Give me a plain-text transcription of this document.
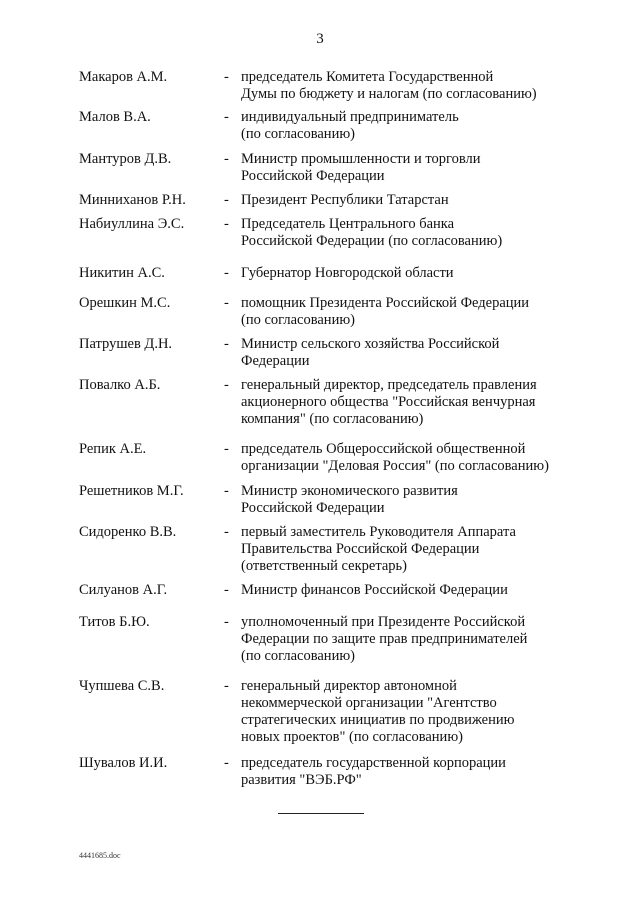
3
Макаров А.М.	- председатель Комитета Государственной
Думы по бюджету и налогам (по согласованию)
Малов В.А.	- индивидуальный предприниматель
(по согласованию)
Мантуров Д.В.	- Министр промышленности и торговли
Российской Федерации
Минниханов Р.Н.	- Президент Республики Татарстан
Набиуллина Э.С.	- Председатель Центрального банка
Российской Федерации (по согласованию)
Никитин А.С.	- Губернатор Новгородской области
Орешкин М.С.	- помощник Президента Российской Федерации
(по согласованию)
Патрушев Д.Н.	- Министр сельского хозяйства Российской
Федерации
Повалко А.Б.	- генеральный директор, председатель правления
акционерного общества "Российская венчурная
компания" (по согласованию)
Репик А.Е.	- председатель Общероссийской общественной
организации "Деловая Россия" (по согласованию)
Решетников М.Г.	- Министр экономического развития
Российской Федерации
Сидоренко В.В.	- первый заместитель Руководителя Аппарата
Правительства Российской Федерации
(ответственный секретарь)
Силуанов А.Г.	- Министр финансов Российской Федерации
Титов Б.Ю.	- уполномоченный при Президенте Российской
Федерации по защите прав предпринимателей
(по согласованию)
Чупшева С.В.	- генеральный директор автономной
некоммерческой организации "Агентство
стратегических инициатив по продвижению
новых проектов" (по согласованию)
Шувалов И.И.	- председатель государственной корпорации
развития "ВЭБ.РФ"
4441685.doc
